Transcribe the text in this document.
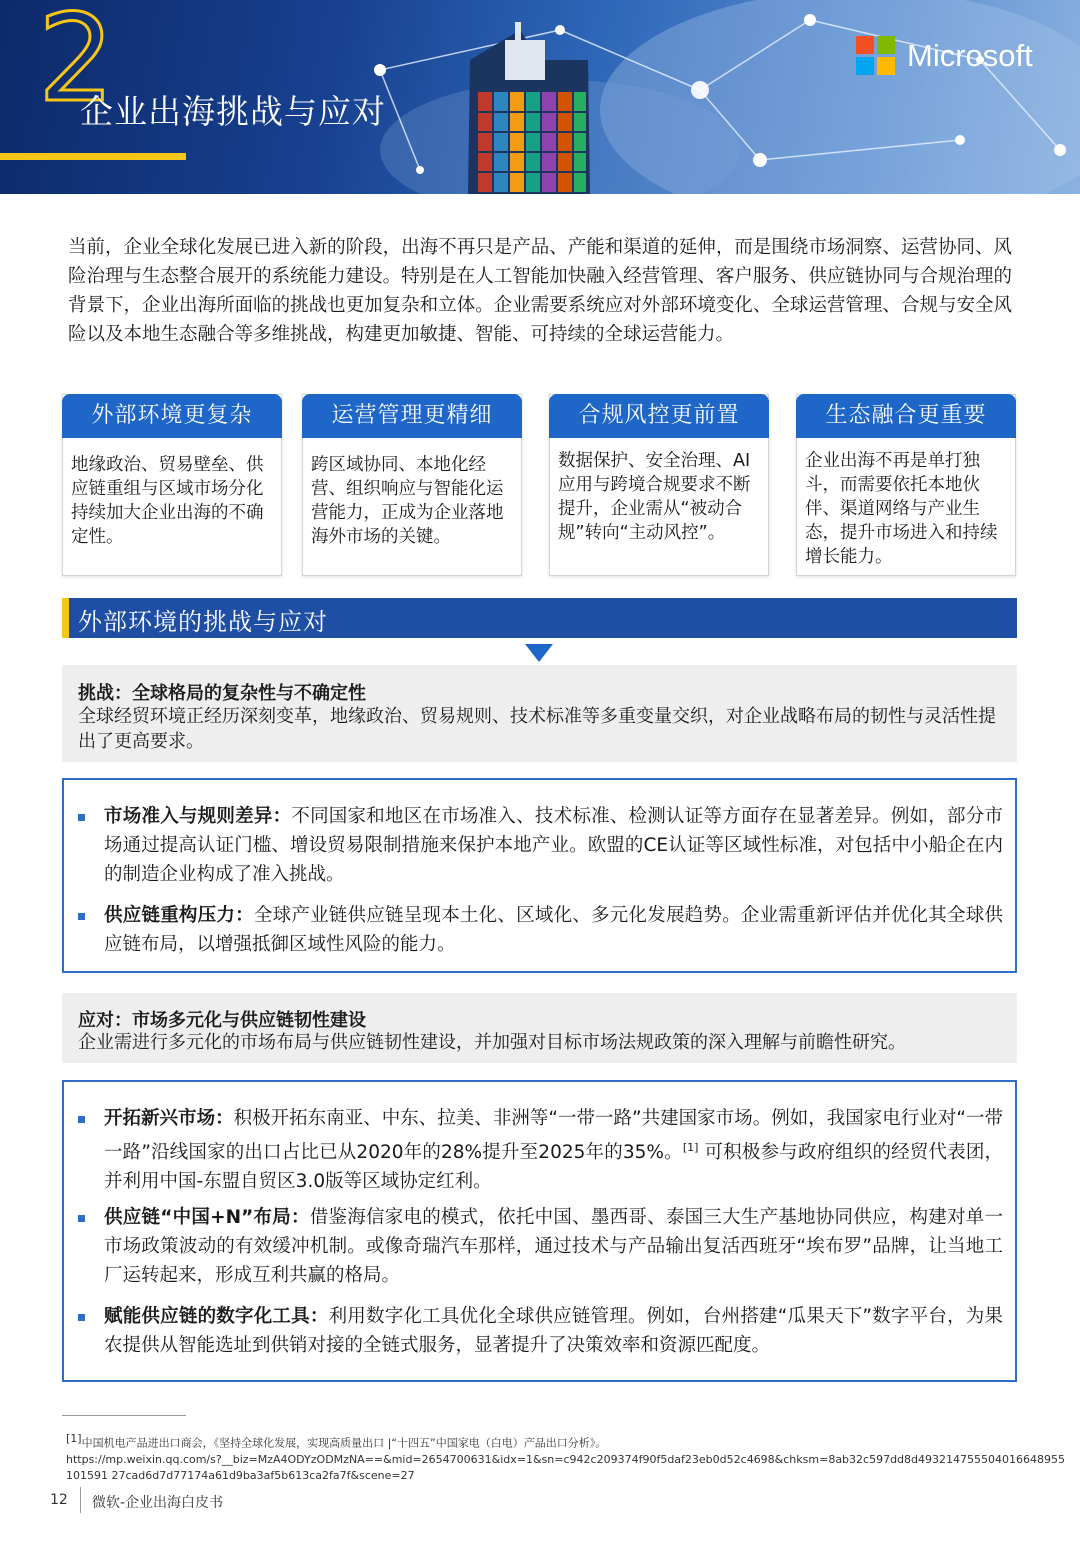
2
企业出海挑战与应对
Microsoft
当前，企业全球化发展已进入新的阶段，出海不再只是产品、产能和渠道的延伸，而是围绕市场洞察、运营协同、风险治理与生态整合展开的系统能力建设。特别是在人工智能加快融入经营管理、客户服务、供应链协同与合规治理的背景下，企业出海所面临的挑战也更加复杂和立体。企业需要系统应对外部环境变化、全球运营管理、合规与安全风险以及本地生态融合等多维挑战，构建更加敏捷、智能、可持续的全球运营能力。
外部环境更复杂
地缘政治、贸易壁垒、供应链重组与区域市场分化持续加大企业出海的不确定性。
运营管理更精细
跨区域协同、本地化经营、组织响应与智能化运营能力，正成为企业落地海外市场的关键。
合规风控更前置
数据保护、安全治理、AI应用与跨境合规要求不断提升，企业需从“被动合规”转向“主动风控”。
生态融合更重要
企业出海不再是单打独斗，而需要依托本地伙伴、渠道网络与产业生态，提升市场进入和持续增长能力。
外部环境的挑战与应对
挑战：全球格局的复杂性与不确定性
全球经贸环境正经历深刻变革，地缘政治、贸易规则、技术标准等多重变量交织，对企业战略布局的韧性与灵活性提出了更高要求。
市场准入与规则差异：不同国家和地区在市场准入、技术标准、检测认证等方面存在显著差异。例如，部分市场通过提高认证门槛、增设贸易限制措施来保护本地产业。欧盟的CE认证等区域性标准，对包括中小船企在内的制造企业构成了准入挑战。
供应链重构压力：全球产业链供应链呈现本土化、区域化、多元化发展趋势。企业需重新评估并优化其全球供应链布局，以增强抵御区域性风险的能力。
应对：市场多元化与供应链韧性建设
企业需进行多元化的市场布局与供应链韧性建设，并加强对目标市场法规政策的深入理解与前瞻性研究。
开拓新兴市场：积极开拓东南亚、中东、拉美、非洲等“一带一路”共建国家市场。例如，我国家电行业对“一带一路”沿线国家的出口占比已从2020年的28%提升至2025年的35%。[1] 可积极参与政府组织的经贸代表团，并利用中国-东盟自贸区3.0版等区域协定红利。
供应链“中国+N”布局：借鉴海信家电的模式，依托中国、墨西哥、泰国三大生产基地协同供应，构建对单一市场政策波动的有效缓冲机制。或像奇瑞汽车那样，通过技术与产品输出复活西班牙“埃布罗”品牌，让当地工厂运转起来，形成互利共赢的格局。
赋能供应链的数字化工具：利用数字化工具优化全球供应链管理。例如，台州搭建“瓜果天下”数字平台，为果农提供从智能选址到供销对接的全链式服务，显著提升了决策效率和资源匹配度。
[1]中国机电产品进出口商会，《坚持全球化发展，实现高质量出口 |“十四五”中国家电（白电）产品出口分析》。
https://mp.weixin.qq.com/s?__biz=MzA4ODYzODMzNA==&mid=2654700631&idx=1&sn=c942c209374f90f5daf23eb0d52c4698&chksm=8ab32c597dd8d493214755504016648955101591 27cad6d7d77174a61d9ba3af5b613ca2fa7f&scene=27
12 微软-企业出海白皮书
